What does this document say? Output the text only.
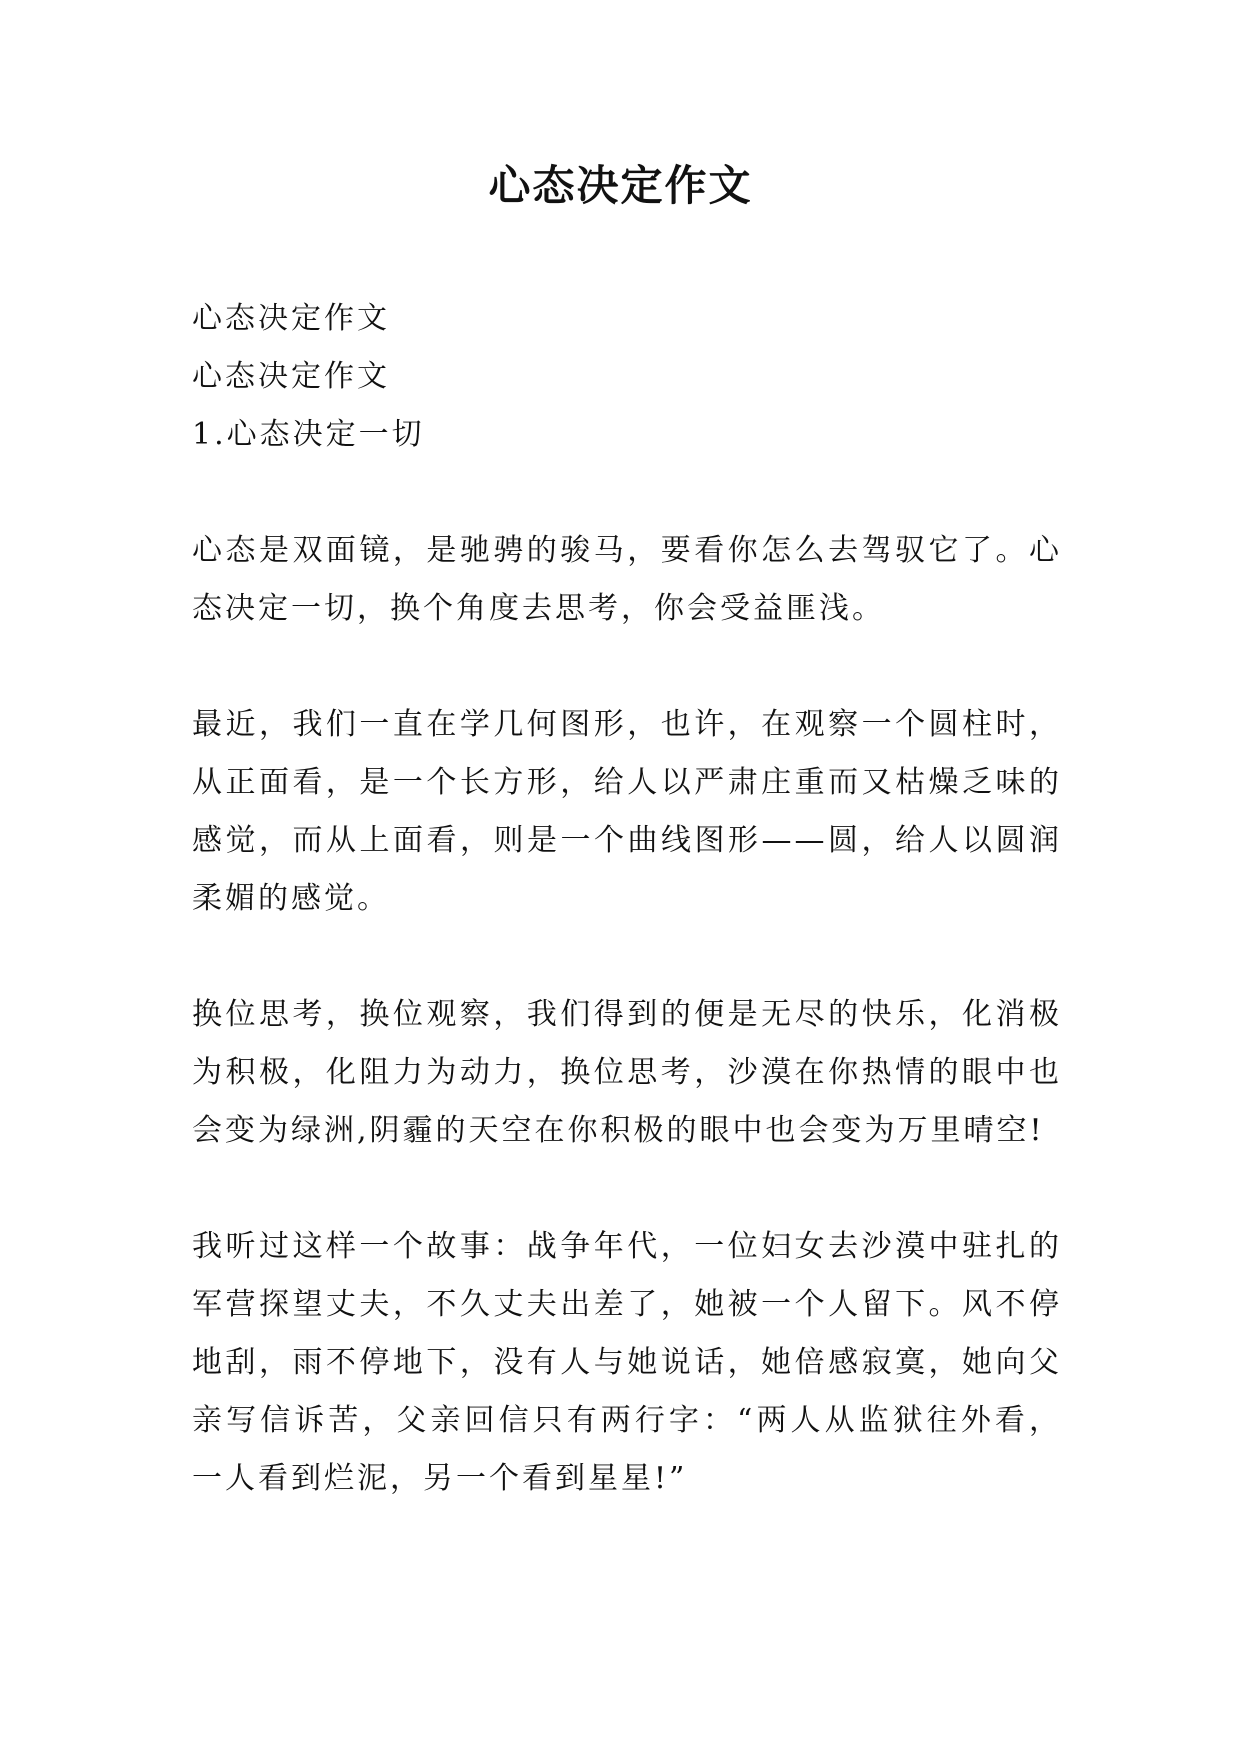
心态决定作文

心态决定作文

心态决定作文

1.心态决定一切

心态是双面镜，是驰骋的骏马，要看你怎么去驾驭它了。心态决定一切，换个角度去思考，你会受益匪浅。

最近，我们一直在学几何图形，也许，在观察一个圆柱时，从正面看，是一个长方形，给人以严肃庄重而又枯燥乏味的感觉，而从上面看，则是一个曲线图形——圆，给人以圆润柔媚的感觉。

换位思考，换位观察，我们得到的便是无尽的快乐，化消极为积极，化阻力为动力，换位思考，沙漠在你热情的眼中也会变为绿洲,阴霾的天空在你积极的眼中也会变为万里晴空!

我听过这样一个故事：战争年代，一位妇女去沙漠中驻扎的军营探望丈夫，不久丈夫出差了，她被一个人留下。风不停地刮，雨不停地下，没有人与她说话，她倍感寂寞，她向父亲写信诉苦，父亲回信只有两行字：“两人从监狱往外看，一人看到烂泥，另一个看到星星!”
